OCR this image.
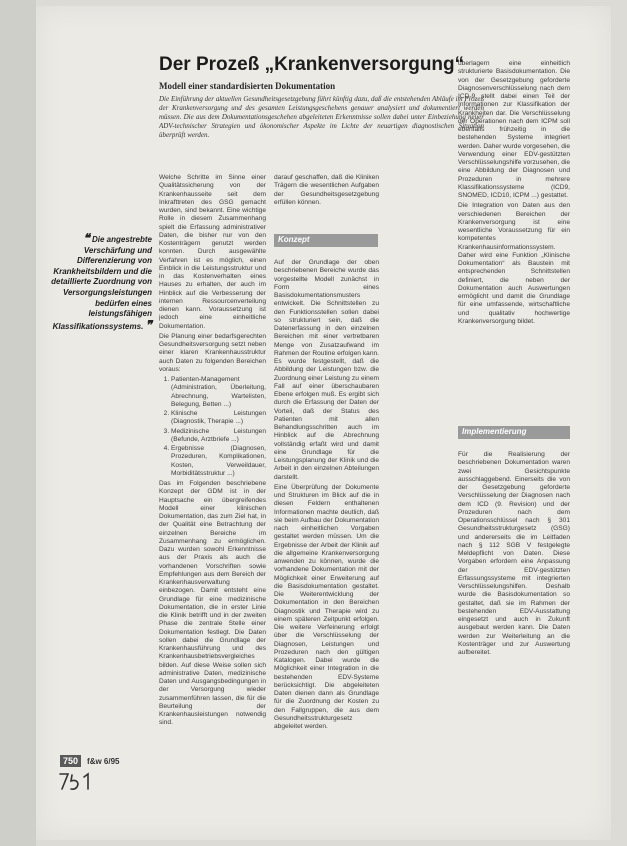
Der Prozeß „Krankenversorgung“
Modell einer standardisierten Dokumentation
Die Einführung der aktuellen Gesundheitsgesetzgebung führt künftig dazu, daß die entstehenden Abläufe im Prozeß der Krankenversorgung und des gesamten Leistungsgeschehens genauer analysiert und dokumentiert werden müssen. Die aus dem Dokumentationsgeschehen abgeleiteten Erkenntnisse sollen dabei unter Einbeziehung neuer ADV-technischer Strategien und ökonomischer Aspekte im Lichte der neuartigen diagnostischen Situation überprüft werden.
❝ Die angestrebte Verschärfung und Differenzierung von Krankheitsbildern und die detaillierte Zuordnung von Versorgungsleistungen bedürfen eines leistungsfähigen Klassifikationssystems. ❞

Welche Schritte im Sinne einer Qualitätssicherung von der Krankenhausseite seit dem Inkrafttreten des GSG gemacht wurden, sind bekannt. Eine wichtige Rolle in diesem Zusammenhang spielt die Erfassung administrativer Daten, die bisher nur von den Kostenträgern genutzt werden konnten. Durch ausgewählte Verfahren ist es möglich, einen Einblick in die Leistungsstruktur und in das Kostenverhalten eines Hauses zu erhalten, der auch im Hinblick auf die Verbesserung der internen Ressourcenverteilung dienen kann. Voraussetzung ist jedoch eine einheitliche Dokumentation.

Die Planung einer bedarfsgerechten Gesundheitsversorgung setzt neben einer klaren Krankenhausstruktur auch Daten zu folgenden Bereichen voraus:

1. Patienten-Management (Administration, Überleitung, Abrechnung, Wartelisten, Belegung, Betten ...)
2. Klinische Leistungen (Diagnostik, Therapie ...)
3. Medizinische Leistungen (Befunde, Arztbriefe ...)
4. Ergebnisse (Diagnosen, Prozeduren, Komplikationen, Kosten, Verweildauer, Morbiditätsstruktur ...)

Das im Folgenden beschriebene Konzept der GDM ist in der Hauptsache ein übergreifendes Modell einer klinischen Dokumentation, das zum Ziel hat, in der Qualität eine Betrachtung der einzelnen Bereiche im Zusammenhang zu ermöglichen. Dazu wurden sowohl Erkenntnisse aus der Praxis als auch die vorhandenen Vorschriften sowie Empfehlungen aus dem Bereich der Krankenhausverwaltung einbezogen. Damit entsteht eine Grundlage für eine medizinische Dokumentation, die in erster Linie die Klinik betrifft und in der zweiten Phase die zentrale Stelle einer Dokumentation festlegt. Die Daten sollen dabei die Grundlage der Krankenhausführung und des Krankenhausbetriebsvergleiches bilden. Auf diese Weise sollen sich administrative Daten, medizinische Daten und Ausgangsbedingungen in der Versorgung wieder zusammenführen lassen, die für die Beurteilung der Krankenhausleistungen notwendig sind.

darauf geschaffen, daß die Kliniken Trägern die wesentlichen Aufgaben der Gesundheitsgesetzgebung erfüllen können.

Konzept

Auf der Grundlage der oben beschriebenen Bereiche wurde das vorgestellte Modell zunächst in Form eines Basisdokumentationsmusters entwickelt. Die Schnittstellen zu den Funktionsstellen sollen dabei so strukturiert sein, daß die Datenerfassung in den einzelnen Bereichen mit einer vertretbaren Menge von Zusatzaufwand im Rahmen der Routine erfolgen kann. Es wurde festgestellt, daß die Abbildung der Leistungen bzw. die Zuordnung einer Leistung zu einem Fall auf einer überschaubaren Ebene erfolgen muß. Es ergibt sich durch die Erfassung der Daten der Vorteil, daß der Status des Patienten mit allen Behandlungsschritten auch im Hinblick auf die Abrechnung vollständig erfaßt wird und damit eine Grundlage für die Leistungsplanung der Klinik und die Arbeit in den einzelnen Abteilungen darstellt.

Eine Überprüfung der Dokumente und Strukturen im Blick auf die in diesen Feldern enthaltenen Informationen machte deutlich, daß sie beim Aufbau der Dokumentation nach einheitlichen Vorgaben gestaltet werden müssen. Um die Ergebnisse der Arbeit der Klinik auf die allgemeine Krankenversorgung anwenden zu können, wurde die vorhandene Dokumentation mit der Möglichkeit einer Erweiterung auf die Basisdokumentation gestaltet. Die Weiterentwicklung der Dokumentation in den Bereichen Diagnostik und Therapie wird zu einem späteren Zeitpunkt erfolgen. Die weitere Verfeinerung erfolgt über die Verschlüsselung der Diagnosen, Leistungen und Prozeduren nach den gültigen Katalogen. Dabei wurde die Möglichkeit einer Integration in die bestehenden EDV-Systeme berücksichtigt. Die abgeleiteten Daten dienen dann als Grundlage für die Zuordnung der Kosten zu den Fallgruppen, die aus dem Gesundheitsstrukturgesetz abgeleitet werden.

überlagern eine einheitlich strukturierte Basisdokumentation. Die von der Gesetzgebung geforderte Diagnosenverschlüsselung nach dem ICD-9 stellt dabei einen Teil der Informationen zur Klassifikation der Krankheiten dar. Die Verschlüsselung der Operationen nach dem ICPM soll ebenfalls frühzeitig in die bestehenden Systeme integriert werden. Daher wurde vorgesehen, die Verwendung einer EDV-gestützten Verschlüsselungshilfe vorzusehen, die eine Abbildung der Diagnosen und Prozeduren in mehrere Klassifikationssysteme (ICD9, SNOMED, ICD10, ICPM ...) gestattet.

Die Integration von Daten aus den verschiedenen Bereichen der Krankenversorgung ist eine wesentliche Voraussetzung für ein kompetentes Krankenhausinformationssystem. Daher wird eine Funktion „Klinische Dokumentation“ als Baustein mit entsprechenden Schnittstellen definiert, die neben der Dokumentation auch Auswertungen ermöglicht und damit die Grundlage für eine umfassende, wirtschaftliche und qualitativ hochwertige Krankenversorgung bildet.

Implementierung

Für die Realisierung der beschriebenen Dokumentation waren zwei Gesichtspunkte ausschlaggebend. Einerseits die von der Gesetzgebung geforderte Verschlüsselung der Diagnosen nach dem ICD (9. Revision) und der Prozeduren nach dem Operationsschlüssel nach § 301 Gesundheitsstrukturgesetz (GSG) und andererseits die im Leitfaden nach § 112 SGB V festgelegte Meldepflicht von Daten. Diese Vorgaben erfordern eine Anpassung der EDV-gestützten Erfassungssysteme mit integrierten Verschlüsselungshilfen. Deshalb wurde die Basisdokumentation so gestaltet, daß sie im Rahmen der bestehenden EDV-Ausstattung eingesetzt und auch in Zukunft ausgebaut werden kann. Die Daten werden zur Weiterleitung an die Kostenträger und zur Auswertung aufbereitet.

750	f&w 6/95
